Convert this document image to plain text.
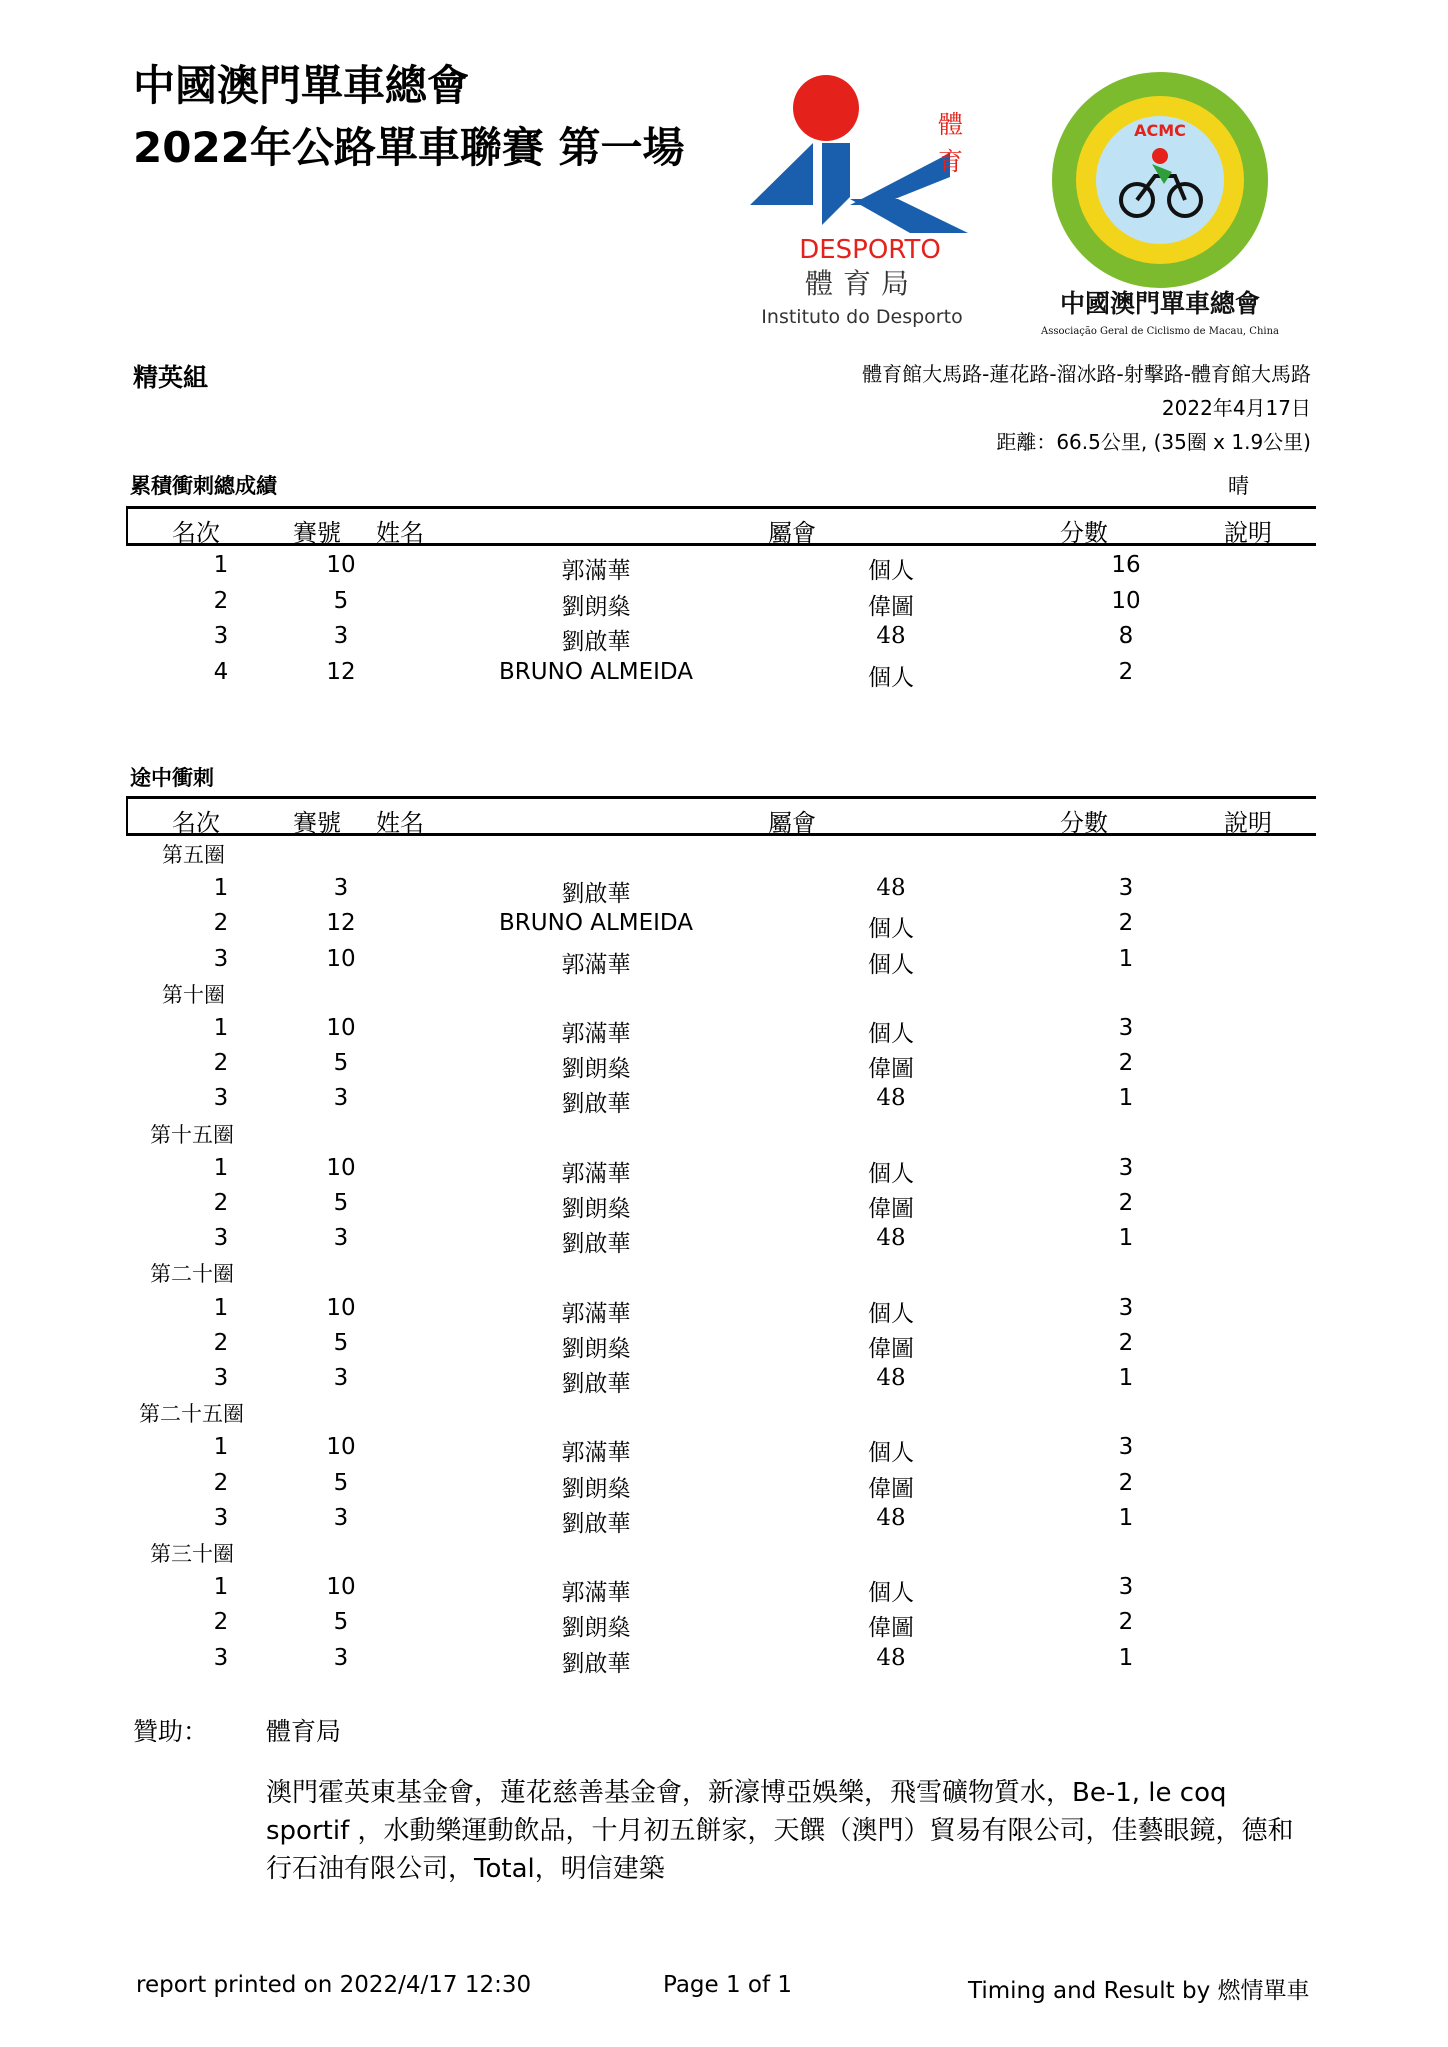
中國澳門單車總會
2022年公路單車聯賽 第一場	體
育
DESPORTO
體育局
Instituto do Desporto
ACMC
中國澳門單車總會
Associação Geral de Ciclismo de Macau, China
精英組	體育館大馬路-蓮花路-溜冰路-射擊路-體育館大馬路
2022年4月17日
距離：66.5公里, (35圈 x 1.9公里)
晴
累積衝刺總成績
名次	賽號 姓名	屬會	分數	說明
1	10	郭滿華	個人	16
2	5	劉朗燊	偉圖	10
3	3	劉啟華	48	8
4	12	BRUNO ALMEIDA	個人	2
途中衝刺
名次	賽號 姓名	屬會	分數	說明
第五圈
1	3	劉啟華	48	3
2	12	BRUNO ALMEIDA	個人	2
3	10	郭滿華	個人	1
第十圈
1	10	郭滿華	個人	3
2	5	劉朗燊	偉圖	2
3	3	劉啟華	48	1
第十五圈
1	10	郭滿華	個人	3
2	5	劉朗燊	偉圖	2
3	3	劉啟華	48	1
第二十圈
1	10	郭滿華	個人	3
2	5	劉朗燊	偉圖	2
3	3	劉啟華	48	1
第二十五圈
1	10	郭滿華	個人	3
2	5	劉朗燊	偉圖	2
3	3	劉啟華	48	1
第三十圈
1	10	郭滿華	個人	3
2	5	劉朗燊	偉圖	2
3	3	劉啟華	48	1
贊助： 體育局
澳門霍英東基金會，蓮花慈善基金會，新濠博亞娛樂，飛雪礦物質水，Be-1, le coq sportif ，水動樂運動飲品，十月初五餅家，天饌（澳門）貿易有限公司，佳藝眼鏡，德和行石油有限公司，Total，明信建築
report printed on 2022/4/17 12:30	Page 1 of 1	Timing and Result by 燃情單車
